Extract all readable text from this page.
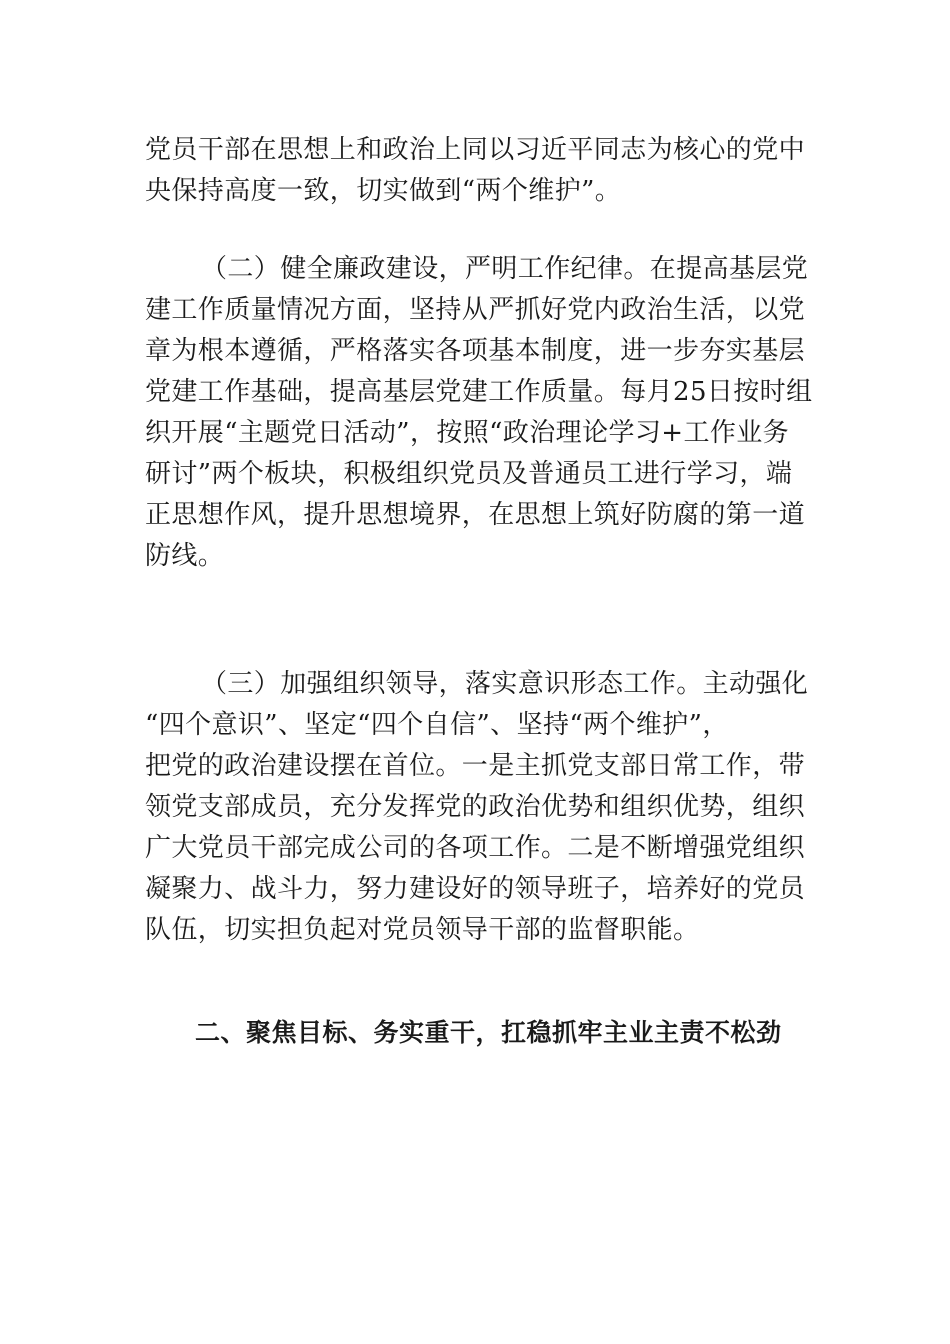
党员干部在思想上和政治上同以习近平同志为核心的党中
央保持高度一致，切实做到“两个维护”。
（二）健全廉政建设，严明工作纪律。在提高基层党
建工作质量情况方面，坚持从严抓好党内政治生活，以党
章为根本遵循，严格落实各项基本制度，进一步夯实基层
党建工作基础，提高基层党建工作质量。每月25日按时组
织开展“主题党日活动”，按照“政治理论学习+工作业务
研讨”两个板块，积极组织党员及普通员工进行学习，端
正思想作风，提升思想境界，在思想上筑好防腐的第一道
防线。
（三）加强组织领导，落实意识形态工作。主动强化
“四个意识”、坚定“四个自信”、坚持“两个维护”，
把党的政治建设摆在首位。一是主抓党支部日常工作，带
领党支部成员，充分发挥党的政治优势和组织优势，组织
广大党员干部完成公司的各项工作。二是不断增强党组织
凝聚力、战斗力，努力建设好的领导班子，培养好的党员
队伍，切实担负起对党员领导干部的监督职能。
二、聚焦目标、务实重干，扛稳抓牢主业主责不松劲
